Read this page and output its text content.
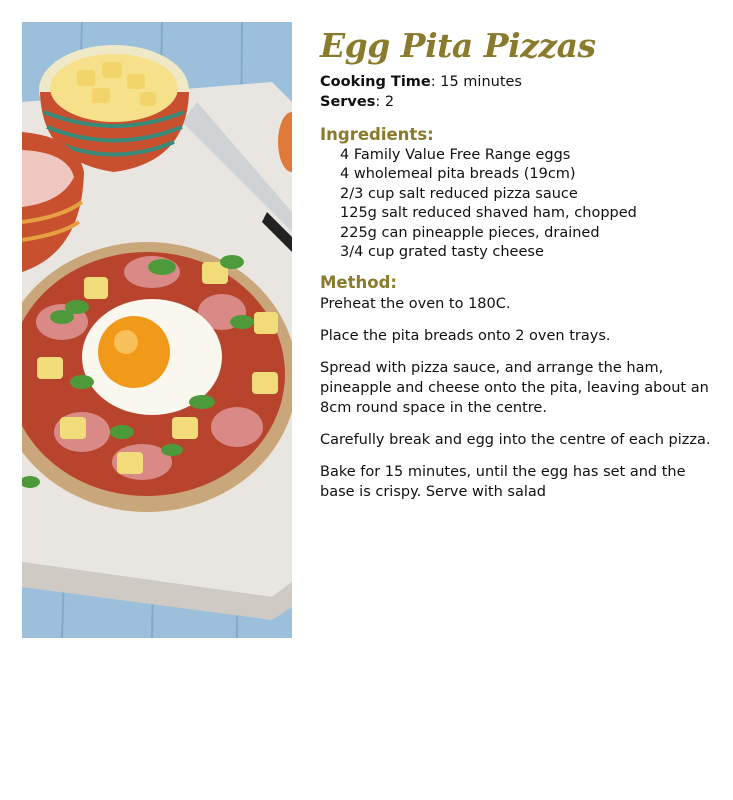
Egg Pita Pizzas
Cooking Time: 15 minutes
Serves: 2
Ingredients:
4 Family Value Free Range eggs
4 wholemeal pita breads (19cm)
2/3 cup salt reduced pizza sauce
125g salt reduced shaved ham, chopped
225g can pineapple pieces, drained
3/4 cup grated tasty cheese
Method:

Preheat the oven to 180C.

Place the pita breads onto 2 oven trays.

Spread with pizza sauce, and arrange the ham, pineapple and cheese onto the pita, leaving about an 8cm round space in the centre.

Carefully break and egg into the centre of each pizza.

Bake for 15 minutes, until the egg has set and the base is crispy. Serve with salad
